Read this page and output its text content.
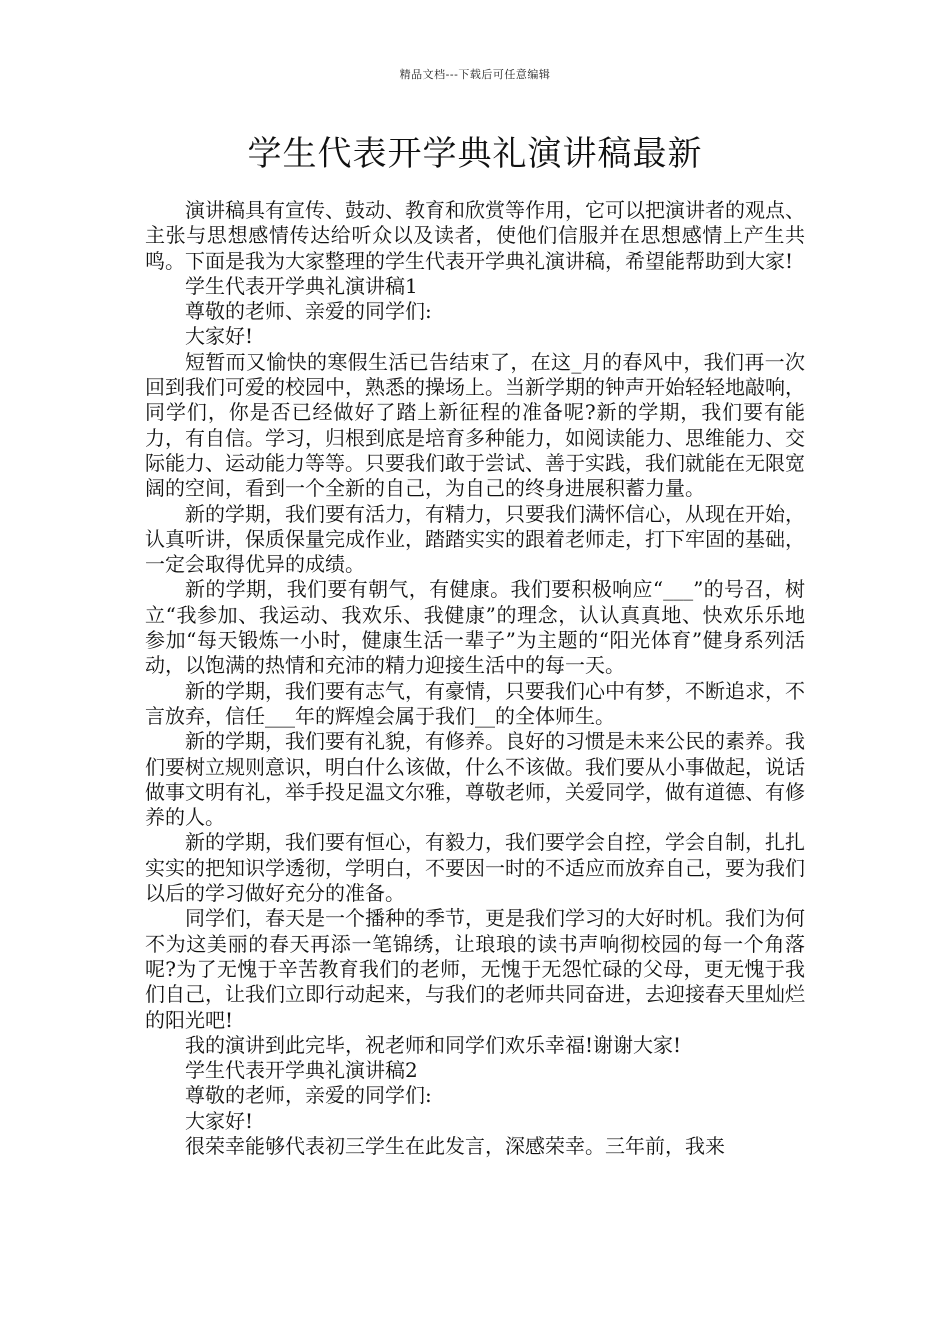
精品文档---下载后可任意编辑
学生代表开学典礼演讲稿最新

演讲稿具有宣传、鼓动、教育和欣赏等作用，它可以把演讲者的观点、主张与思想感情传达给听众以及读者，使他们信服并在思想感情上产生共鸣。下面是我为大家整理的学生代表开学典礼演讲稿，希望能帮助到大家!

学生代表开学典礼演讲稿1

尊敬的老师、亲爱的同学们:

大家好!

短暂而又愉快的寒假生活已告结束了，在这_月的春风中，我们再一次回到我们可爱的校园中，熟悉的操场上。当新学期的钟声开始轻轻地敲响，同学们，你是否已经做好了踏上新征程的准备呢?新的学期，我们要有能力，有自信。学习，归根到底是培育多种能力，如阅读能力、思维能力、交际能力、运动能力等等。只要我们敢于尝试、善于实践，我们就能在无限宽阔的空间，看到一个全新的自己，为自己的终身进展积蓄力量。

新的学期，我们要有活力，有精力，只要我们满怀信心，从现在开始，认真听讲，保质保量完成作业，踏踏实实的跟着老师走，打下牢固的基础，一定会取得优异的成绩。

新的学期，我们要有朝气，有健康。我们要积极响应“___”的号召，树立“我参加、我运动、我欢乐、我健康”的理念，认认真真地、快欢乐乐地参加“每天锻炼一小时，健康生活一辈子”为主题的“阳光体育”健身系列活动，以饱满的热情和充沛的精力迎接生活中的每一天。

新的学期，我们要有志气，有豪情，只要我们心中有梦，不断追求，不言放弃，信任___年的辉煌会属于我们__的全体师生。

新的学期，我们要有礼貌，有修养。良好的习惯是未来公民的素养。我们要树立规则意识，明白什么该做，什么不该做。我们要从小事做起，说话做事文明有礼，举手投足温文尔雅，尊敬老师，关爱同学，做有道德、有修养的人。

新的学期，我们要有恒心，有毅力，我们要学会自控，学会自制，扎扎实实的把知识学透彻，学明白，不要因一时的不适应而放弃自己，要为我们以后的学习做好充分的准备。

同学们，春天是一个播种的季节，更是我们学习的大好时机。我们为何不为这美丽的春天再添一笔锦绣，让琅琅的读书声响彻校园的每一个角落呢?为了无愧于辛苦教育我们的老师，无愧于无怨忙碌的父母，更无愧于我们自己，让我们立即行动起来，与我们的老师共同奋进，去迎接春天里灿烂的阳光吧!

我的演讲到此完毕，祝老师和同学们欢乐幸福!谢谢大家!

学生代表开学典礼演讲稿2

尊敬的老师，亲爱的同学们:

大家好!

很荣幸能够代表初三学生在此发言，深感荣幸。三年前，我来
